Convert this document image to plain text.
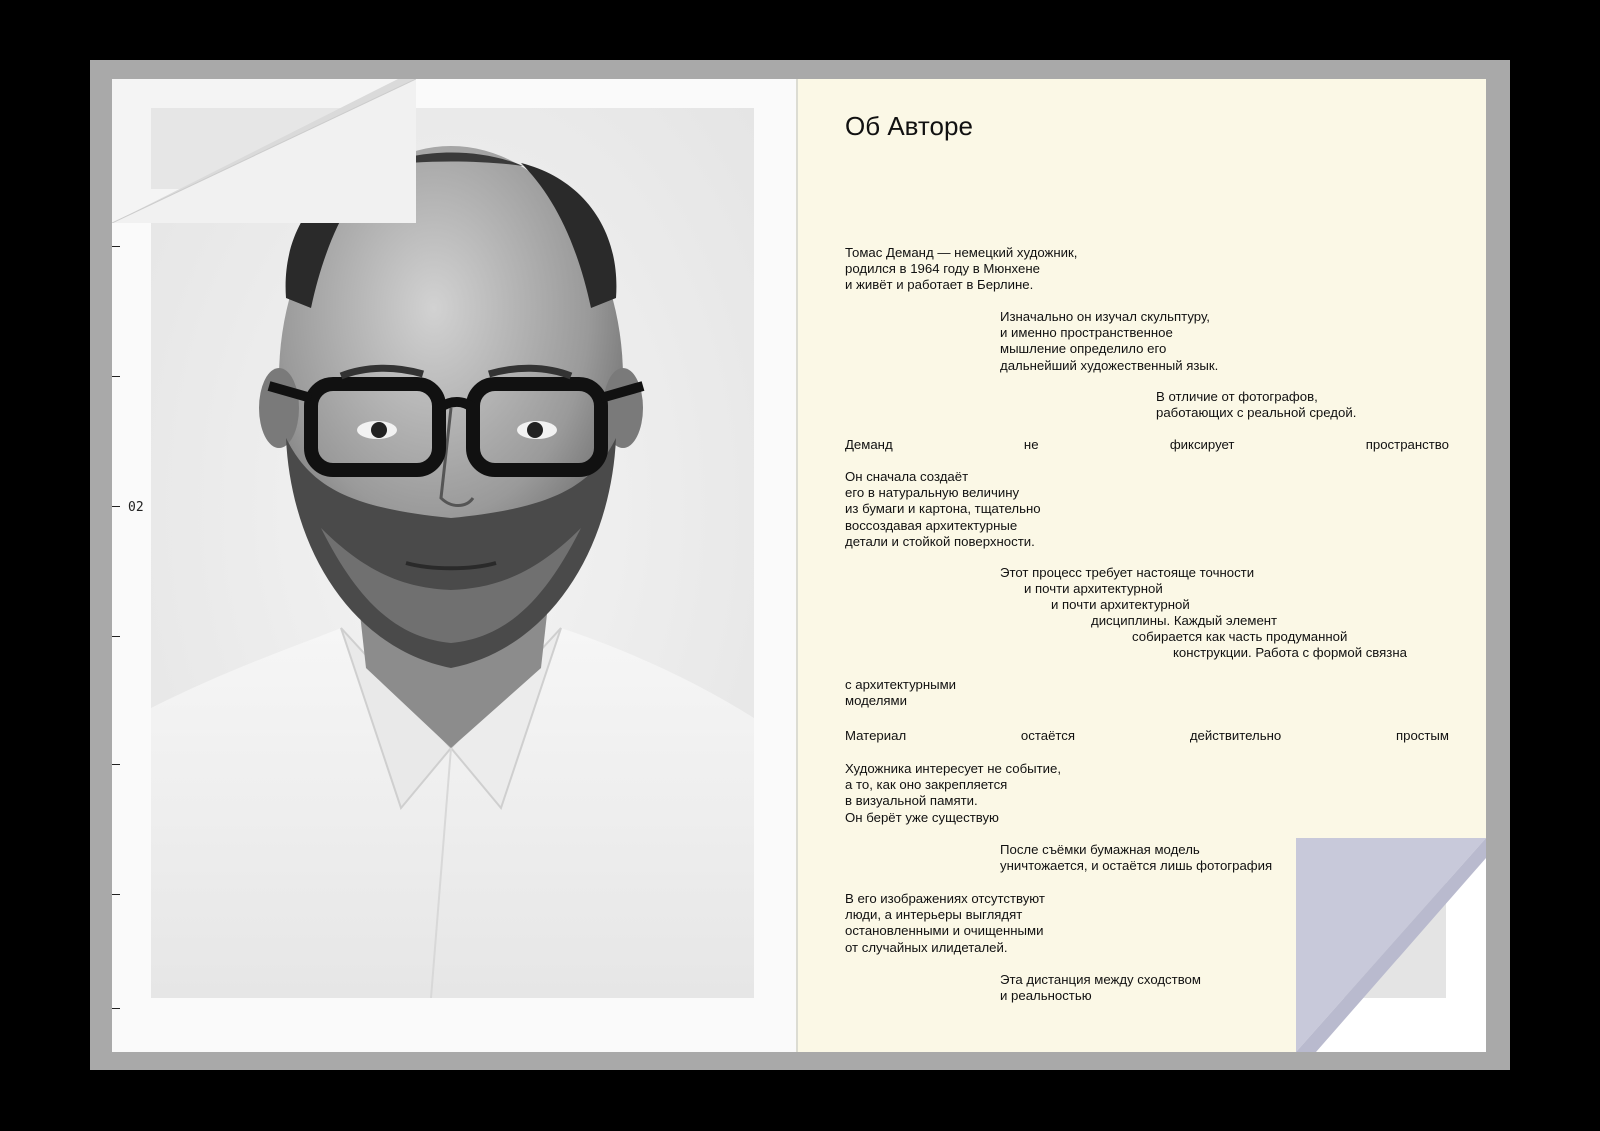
02
Об Авторе

Томас Деманд — немецкий художник,
родился в 1964 году в Мюнхене
и живёт и работает в Берлине.

Изначально он изучал скульптуру,
и именно пространственное
мышление определило его
дальнейший художественный язык.

В отличие от фотографов,
работающих с реальной средой.

Деманд	не	фиксирует	пространство

Он сначала создаёт
его в натуральную величину
из бумаги и картона, тщательно
воссоздавая архитектурные
детали и стойкой поверхности.

Этот процесс требует настояще точности

и почти архитектурной

и почти архитектурной

дисциплины. Каждый элемент

собирается как часть продуманной

конструкции. Работа с формой связна

с архитектурными
моделями

Материал	остаётся	действительно	простым

Художника интересует не событие,
а то, как оно закрепляется
в визуальной памяти.
Он берёт уже существую

После съёмки бумажная модель
уничтожается, и остаётся лишь фотография

В его изображениях отсутствуют
люди, а интерьеры выглядят
остановленными и очищенными
от случайных илидеталей.

Эта дистанция между сходством
и реальностью
